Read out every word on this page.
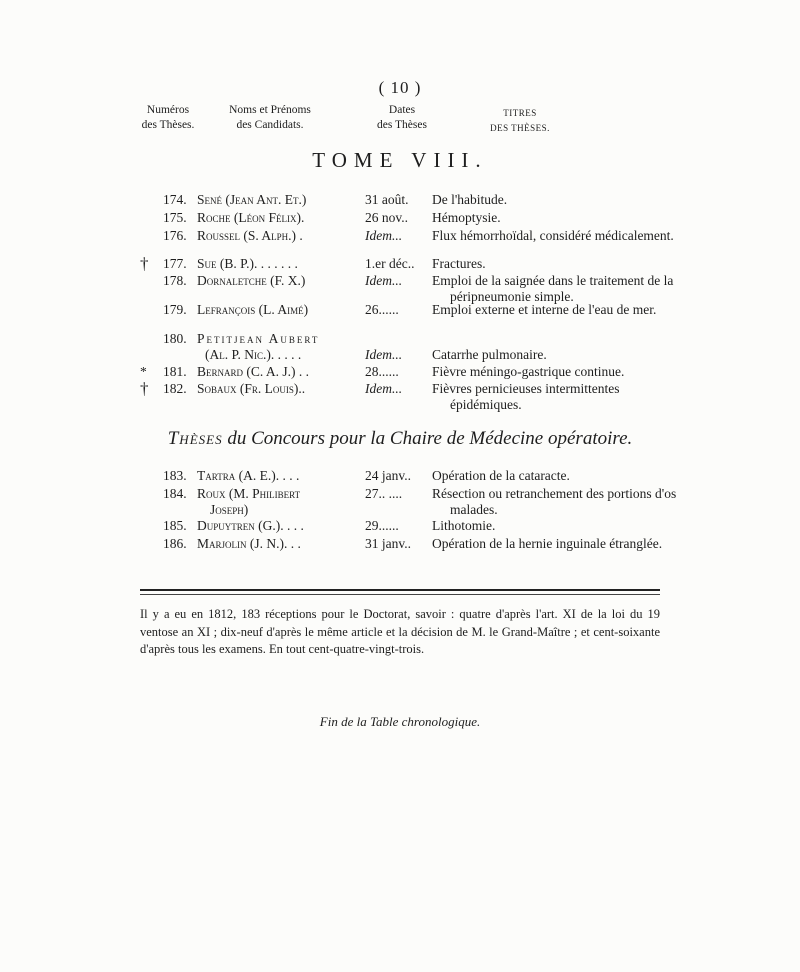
( 10 )
Numéros
des Thèses.
Noms et Prénoms
des Candidats.
Dates
des Thèses
TITRES
DES THÈSES.
TOME VIII.
174. Sené (Jean Ant. Et.)	31 août. De l'habitude.
175. Roche (Léon Félix).	26 nov.. Hémoptysie.
176. Roussel (S. Alph.) .	Idem... Flux hémorrhoïdal, considéré médicalement.
† 177. Sue (B. P.). . . . . . .	1.er déc.. Fractures.
178. Dornaletche (F. X.)	Idem... Emploi de la saignée dans le traitement de la péripneumonie simple.
179. Lefrançois (L. Aimé)	26...... Emploi externe et interne de l'eau de mer.
180. Petitjean Aubert
(Al. P. Nic.). . . . .	Idem... Catarrhe pulmonaire.
* 181. Bernard (C. A. J.) . .	28...... Fièvre méningo-gastrique continue.
† 182. Sobaux (Fr. Louis)..	Idem... Fièvres pernicieuses intermittentes épidémiques.
Thèses du Concours pour la Chaire de Médecine opératoire.
183. Tartra (A. E.). . . .	24 janv.. Opération de la cataracte.
184. Roux (M. Philibert	27.. .... Résection ou retranchement des portions d'os malades.
Joseph)
185. Dupuytren (G.). . . .	29...... Lithotomie.
186. Marjolin (J. N.). . .	31 janv.. Opération de la hernie inguinale étranglée.
Il y a eu en 1812, 183 réceptions pour le Doctorat, savoir : quatre d'après l'art. XI de la loi du 19 ventose an XI ; dix-neuf d'après le même article et la décision de M. le Grand-Maître ; et cent-soixante d'après tous les examens. En tout cent-quatre-vingt-trois.
Fin de la Table chronologique.
